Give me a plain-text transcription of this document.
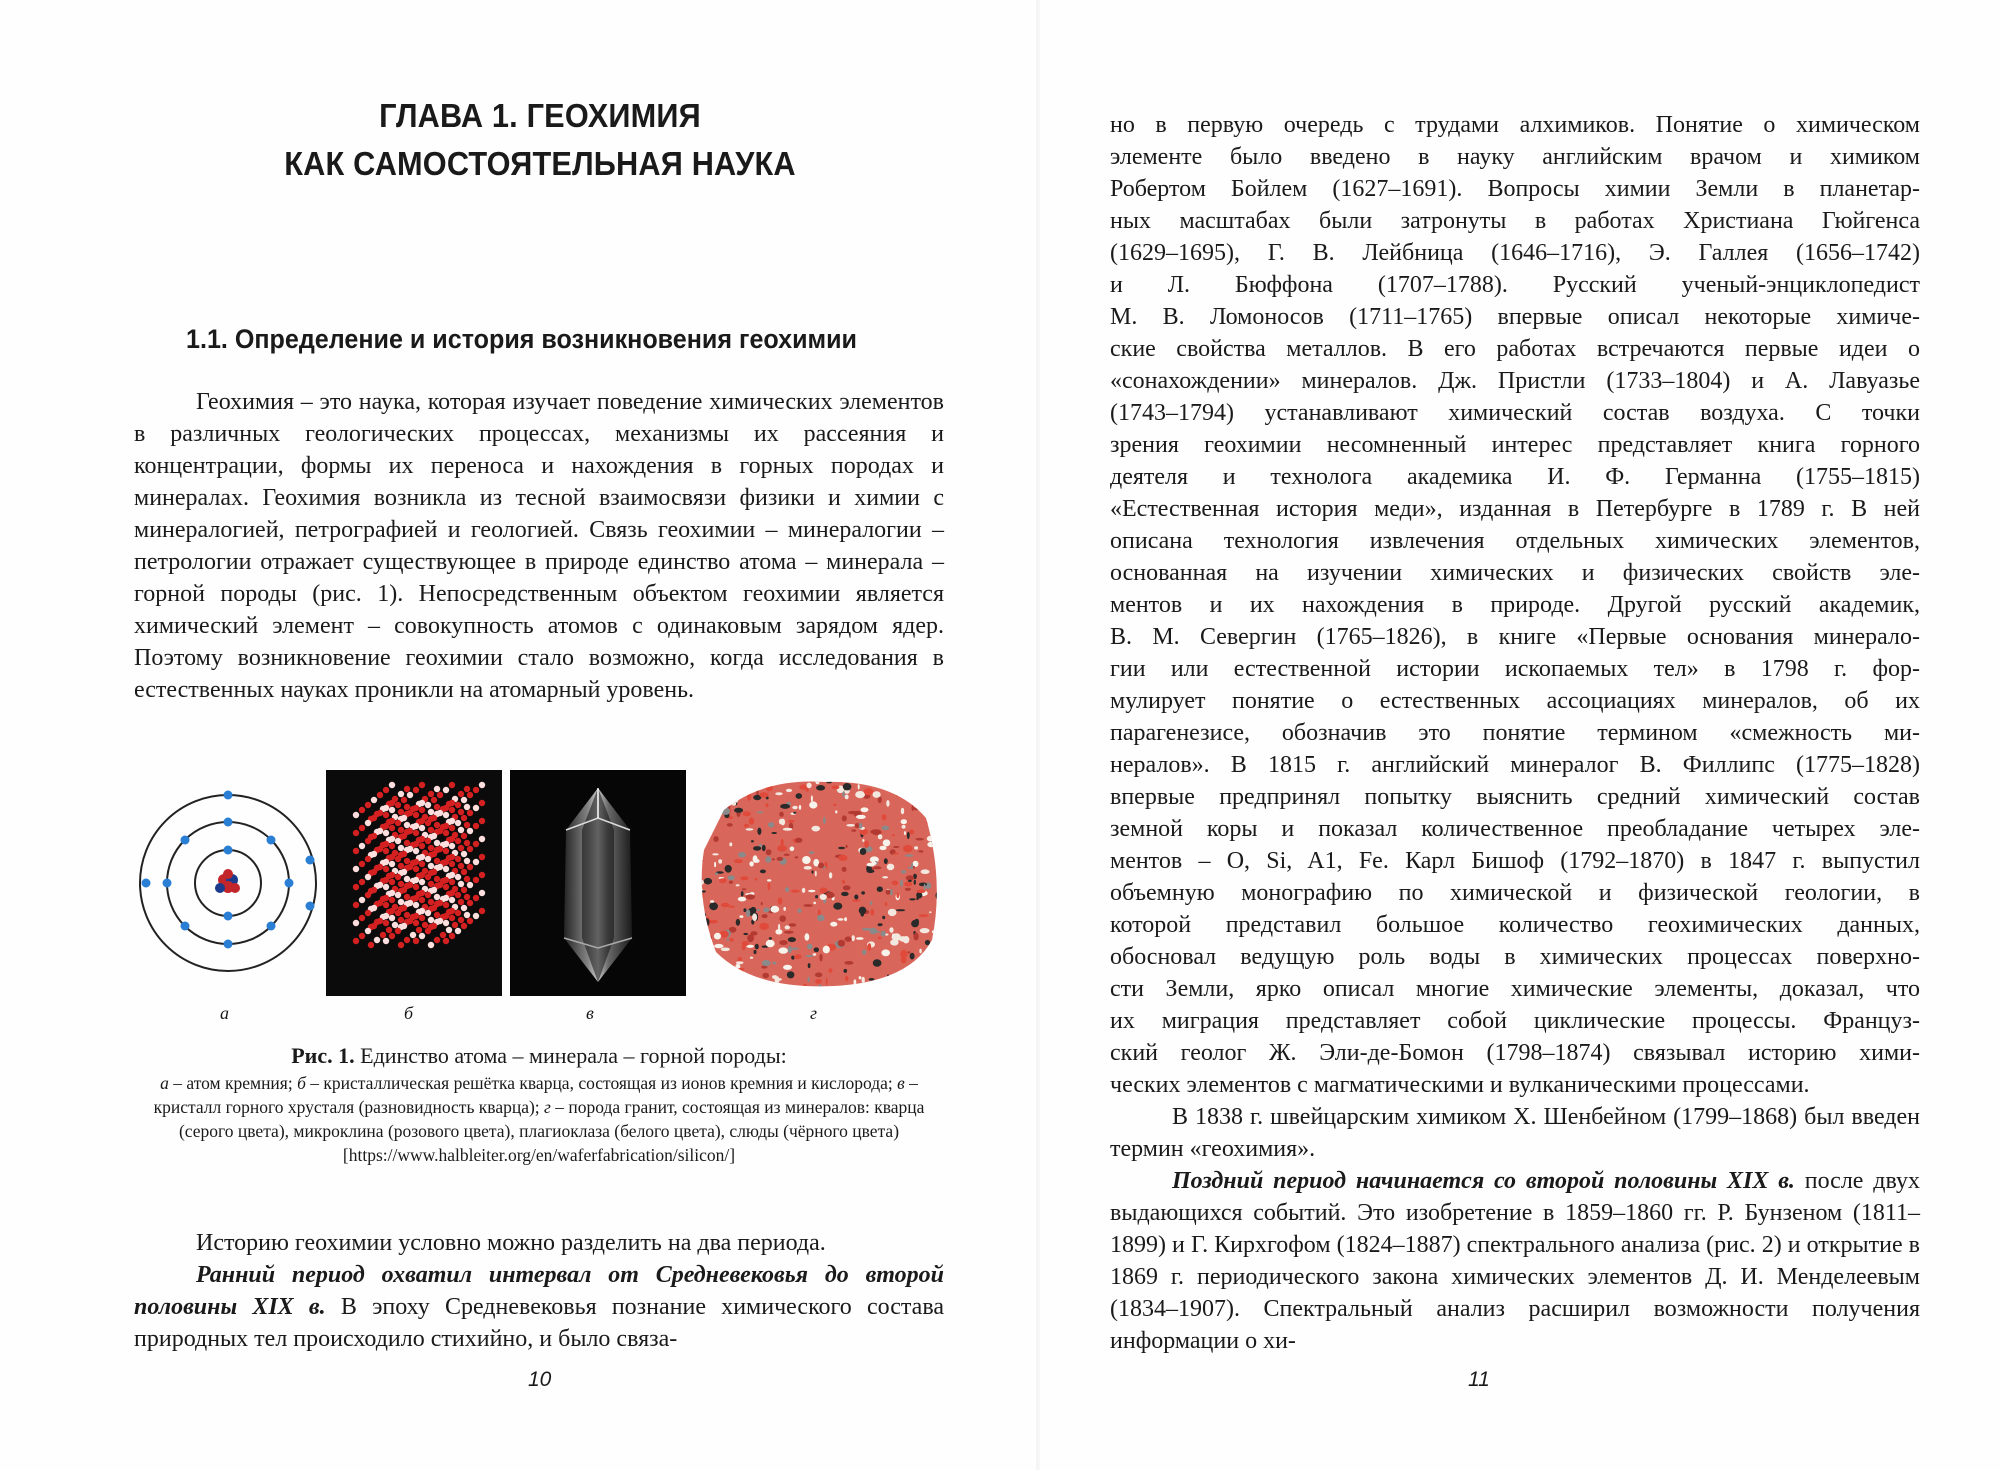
ГЛАВА 1. ГЕОХИМИЯ
КАК САМОСТОЯТЕЛЬНАЯ НАУКА
1.1. Определение и история возникновения геохимии

Геохимия – это наука, которая изучает поведение химических элементов в различных геологических процессах, механизмы их рассеяния и концентрации, формы их переноса и нахождения в горных породах и минералах. Геохимия возникла из тесной взаимосвязи физики и химии с минералогией, петрографией и геологией. Связь геохимии – минералогии – петрологии отражает существующее в природе единство атома – минерала – горной породы (рис. 1). Непосредственным объектом геохимии является химический элемент – совокупность атомов с одинаковым зарядом ядер. Поэтому возникновение геохимии стало возможно, когда исследования в естественных науках проникли на атомарный уровень.

а	б	в	г
Рис. 1. Единство атома – минерала – горной породы:
а – атом кремния; б – кристаллическая решётка кварца, состоящая из ионов кремния и кислорода; в – кристалл горного хрусталя (разновидность кварца); г – порода гранит, состоящая из минералов: кварца (серого цвета), микроклина (розового цвета), плагиоклаза (белого цвета), слюды (чёрного цвета)
[https://www.halbleiter.org/en/waferfabrication/silicon/]

Историю геохимии условно можно разделить на два периода.

Ранний период охватил интервал от Средневековья до второй половины XIX в. В эпоху Средневековья познание химического состава природных тел происходило стихийно, и было связа-

10
но в первую очередь с трудами алхимиков. Понятие о химическом
элементе было введено в науку английским врачом и химиком
Робертом Бойлем (1627–1691). Вопросы химии Земли в планетар-
ных масштабах были затронуты в работах Христиана Гюйгенса
(1629–1695), Г. В. Лейбница (1646–1716), Э. Галлея (1656–1742)
и Л. Бюффона (1707–1788). Русский ученый-энциклопедист
М. В. Ломоносов (1711–1765) впервые описал некоторые химиче-
ские свойства металлов. В его работах встречаются первые идеи о
«сонахождении» минералов. Дж. Пристли (1733–1804) и А. Лавуазье
(1743–1794) устанавливают химический состав воздуха. С точки
зрения геохимии несомненный интерес представляет книга горного
деятеля и технолога академика И. Ф. Германна (1755–1815)
«Естественная история меди», изданная в Петербурге в 1789 г. В ней
описана технология извлечения отдельных химических элементов,
основанная на изучении химических и физических свойств эле-
ментов и их нахождения в природе. Другой русский академик,
В. М. Севергин (1765–1826), в книге «Первые основания минерало-
гии или естественной истории ископаемых тел» в 1798 г. фор-
мулирует понятие о естественных ассоциациях минералов, об их
парагенезисе, обозначив это понятие термином «смежность ми-
нералов». В 1815 г. английский минералог В. Филлипс (1775–1828)
впервые предпринял попытку выяснить средний химический состав
земной коры и показал количественное преобладание четырех эле-
ментов – O, Si, A1, Fe. Карл Бишоф (1792–1870) в 1847 г. выпустил
объемную монографию по химической и физической геологии, в
которой представил большое количество геохимических данных,
обосновал ведущую роль воды в химических процессах поверхно-
сти Земли, ярко описал многие химические элементы, доказал, что
их миграция представляет собой циклические процессы. Француз-
ский геолог Ж. Эли-де-Бомон (1798–1874) связывал историю хими-

ческих элементов с магматическими и вулканическими процессами.

В 1838 г. швейцарским химиком Х. Шенбейном (1799–1868) был введен термин «геохимия».

Поздний период начинается со второй половины XIX в. после двух выдающихся событий. Это изобретение в 1859–1860 гг. Р. Бунзеном (1811–1899) и Г. Кирхгофом (1824–1887) спектрального анализа (рис. 2) и открытие в 1869 г. периодического закона химических элементов Д. И. Менделеевым (1834–1907). Спектральный анализ расширил возможности получения информации о хи-

11
